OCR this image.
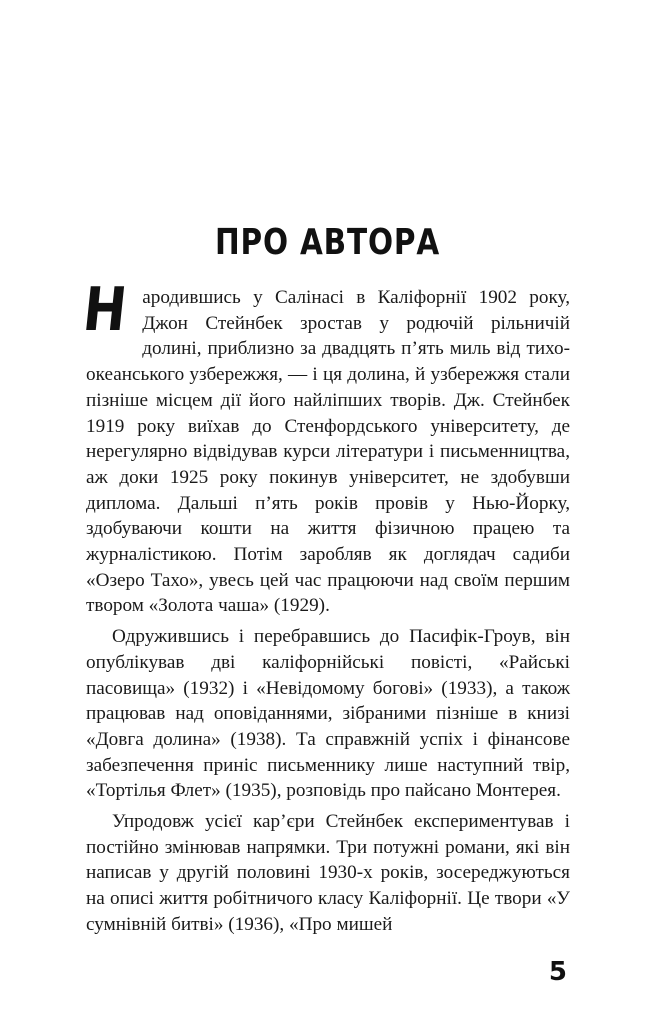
ПРО АВТОРА

Народившись у Салінасі в Каліфорнії 1902 року, Джон Стейнбек зростав у родючій рільничій долині, приблизно за двадцять п’ять миль від тихоокеанського узбережжя, — і ця долина, й узбережжя стали пізніше місцем дії його найліпших творів. Дж. Стейнбек 1919 року виїхав до Стенфордського університету, де нерегулярно відвідував курси літератури і письменництва, аж доки 1925 року покинув університет, не здобувши диплома. Дальші п’ять років провів у Нью-Йорку, здобуваючи кошти на життя фізичною працею та журналістикою. Потім заробляв як доглядач садиби «Озеро Тахо», увесь цей час працюючи над своїм першим твором «Золота чаша» (1929).

Одружившись і перебравшись до Пасифік-Гроув, він опублікував дві каліфорнійські повісті, «Райські пасовища» (1932) і «Невідомому богові» (1933), а також працював над оповіданнями, зібраними пізніше в книзі «Довга долина» (1938). Та справжній успіх і фінансове забезпечення приніс письменнику лише наступний твір, «Тортілья Флет» (1935), розповідь про пайсано Монтерея.

Упродовж усієї кар’єри Стейнбек експериментував і постійно змінював напрямки. Три потужні романи, які він написав у другій половині 1930-х років, зосереджуються на описі життя робітничого класу Каліфорнії. Це твори «У сумнівній битві» (1936), «Про мишей

5
